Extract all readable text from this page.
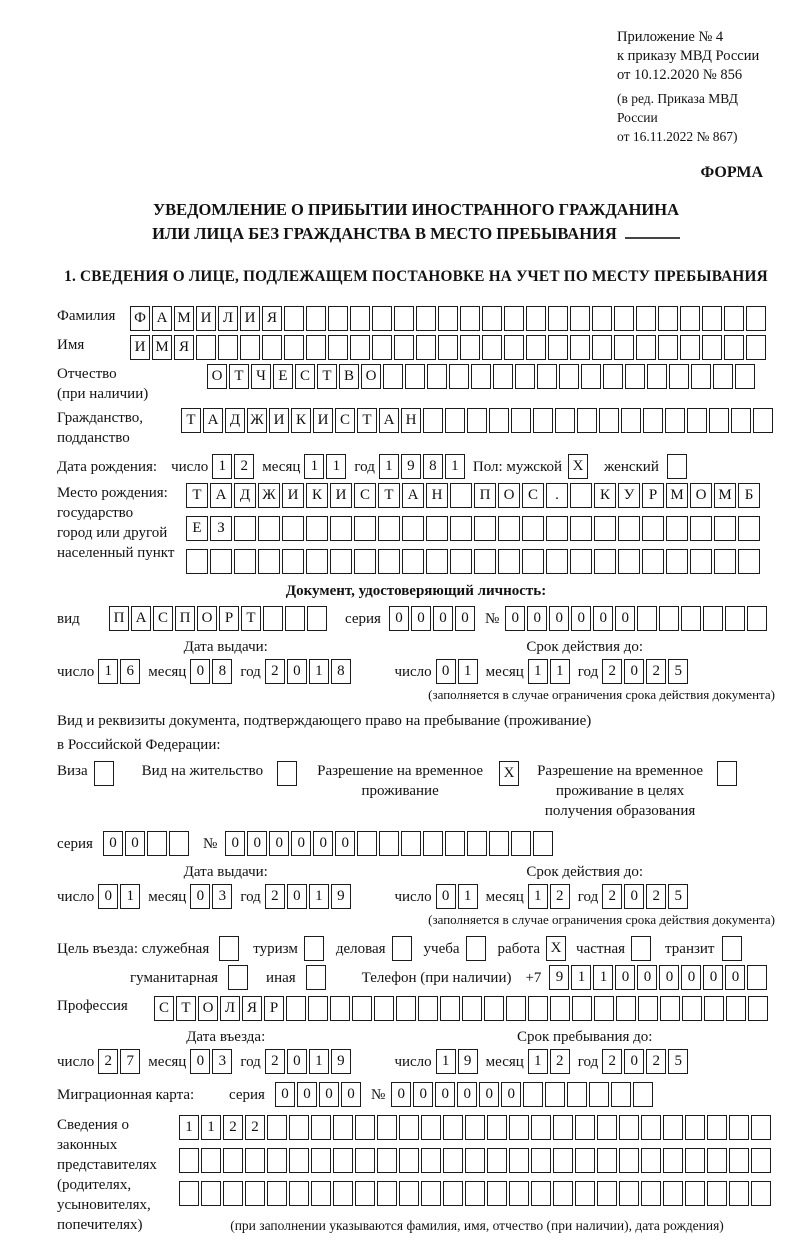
Приложение № 4
к приказу МВД России
от 10.12.2020 № 856
(в ред. Приказа МВД России
от 16.11.2022 № 867)
ФОРМА
УВЕДОМЛЕНИЕ О ПРИБЫТИИ ИНОСТРАННОГО ГРАЖДАНИНА
ИЛИ ЛИЦА БЕЗ ГРАЖДАНСТВА В МЕСТО ПРЕБЫВАНИЯ
1. СВЕДЕНИЯ О ЛИЦЕ, ПОДЛЕЖАЩЕМ ПОСТАНОВКЕ НА УЧЕТ ПО МЕСТУ ПРЕБЫВАНИЯ
Фамилия	Ф А М И Л И Я
Имя	И М Я
Отчество
(при наличии)
О Т Ч Е С Т В О
Гражданство,
подданство
Т А Д Ж И К И С Т А Н
Дата рождения: число 1 2 месяц 1 1 год 1 9 8 1 Пол: мужской X	женский
Место рождения:
государство
город или другой
населенный пункт
Т А Д Ж И К И С Т А Н	П О С	.	К У Р М О М Б

Е	З

Документ, удостоверяющий личность:
вид	П А С П О Р Т	серия 0 0 0 0	№ 0 0 0 0 0 0
Дата выдачи:
число 1 6 месяц 0 8 год 2 0 1 8
Срок действия до:
число 0 1 месяц 1 1 год 2 0 2 5
(заполняется в случае ограничения срока действия документа)
Вид и реквизиты документа, подтверждающего право на пребывание (проживание)
в Российской Федерации:
Виза	Вид на жительство	Разрешение на временное
проживание
X	Разрешение на временное
проживание в целях
получения образования
серия	0 0	№ 0 0 0 0 0 0
Дата выдачи:
число 0 1 месяц 0 3 год 2 0 1 9
Срок действия до:
число 0 1 месяц 1 2 год 2 0 2 5
(заполняется в случае ограничения срока действия документа)
Цель въезда: служебная	туризм	деловая	учеба	работа X частная	транзит
гуманитарная	иная	Телефон (при наличии) +7 9 1 1 0 0 0 0 0 0
Профессия	С Т О Л Я Р
Дата въезда:
число 2 7 месяц 0 3 год 2 0 1 9
Срок пребывания до:
число 1 9 месяц 1 2 год 2 0 2 5
Миграционная карта:	серия	0 0 0 0	№ 0 0 0 0 0 0
Сведения о
законных
представителях
(родителях,
усыновителях,
попечителях)
1 1 2 2

(при заполнении указываются фамилия, имя, отчество (при наличии), дата рождения)
